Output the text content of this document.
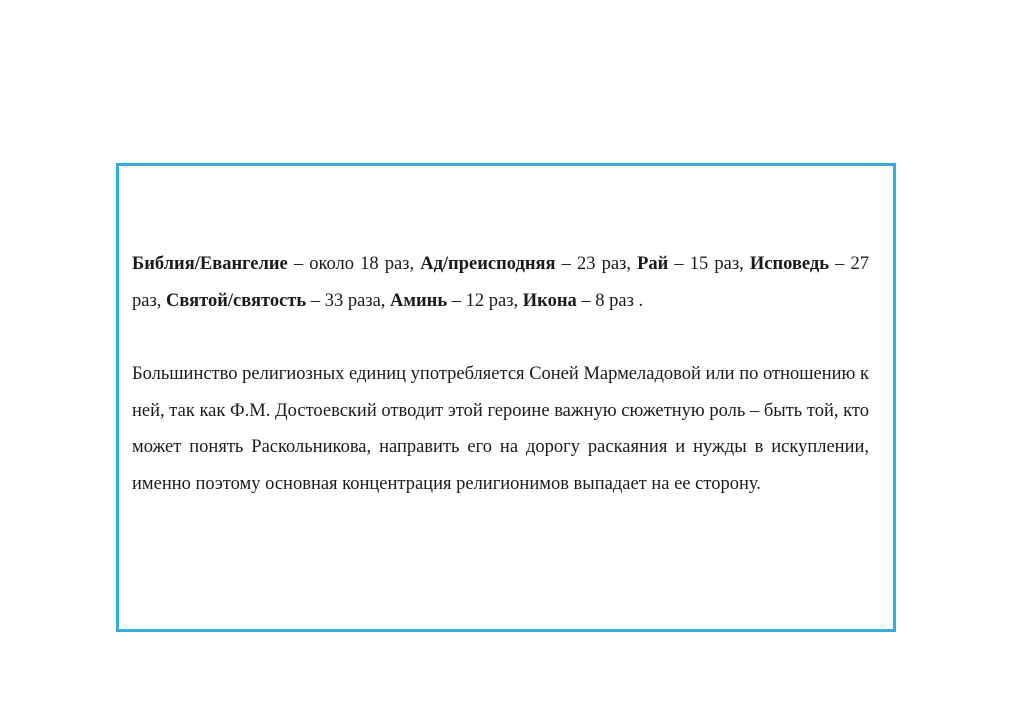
Библия/Евангелие – около 18 раз, Ад/преисподняя – 23 раз, Рай – 15 раз, Исповедь – 27 раз, Святой/святость – 33 раза, Аминь – 12 раз, Икона – 8 раз .

Большинство религиозных единиц употребляется Соней Мармеладовой или по отношению к ней, так как Ф.М. Достоевский отводит этой героине важную сюжетную роль – быть той, кто может понять Раскольникова, направить его на дорогу раскаяния и нужды в искуплении, именно поэтому основная концентрация религионимов выпадает на ее сторону.
